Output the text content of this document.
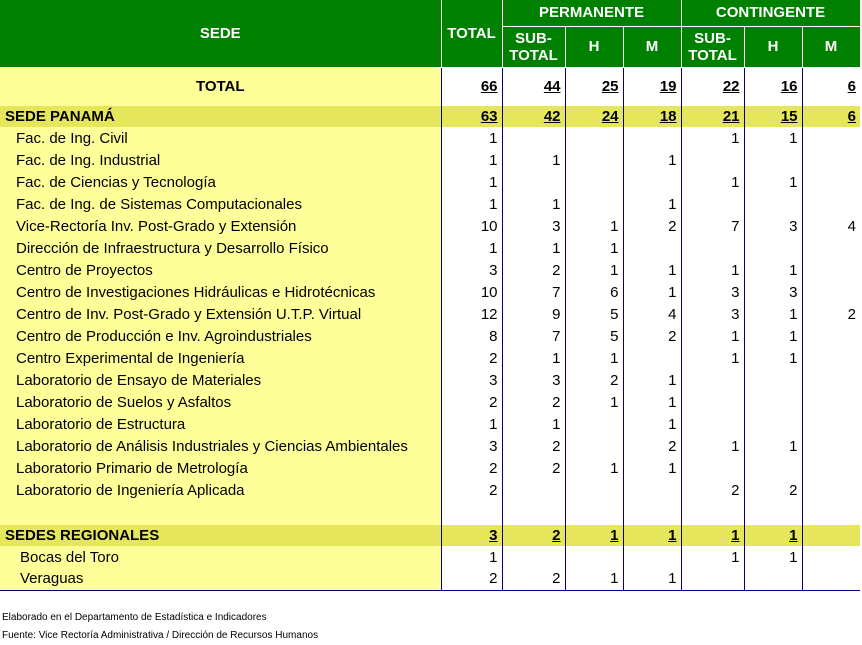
SEDE	TOTAL	PERMANENTE			CONTINGENTE		
		SUB-
TOTAL	H	M	SUB-
TOTAL	H	M
TOTAL	66	44	25	19	22	16	6
SEDE PANAMÁ	63	42	24	18	21	15	6
Fac. de Ing. Civil	1				1	1	
Fac. de Ing. Industrial	1	1		1			
Fac. de Ciencias y Tecnología	1				1	1	
Fac. de Ing. de Sistemas Computacionales	1	1		1			
Vice-Rectoría Inv. Post-Grado y Extensión	10	3	1	2	7	3	4
Dirección de Infraestructura y Desarrollo Físico	1	1	1				
Centro de Proyectos	3	2	1	1	1	1	
Centro de Investigaciones Hidráulicas e Hidrotécnicas	10	7	6	1	3	3	
Centro de Inv. Post-Grado y Extensión U.T.P. Virtual	12	9	5	4	3	1	2
Centro de Producción e Inv. Agroindustriales	8	7	5	2	1	1	
Centro Experimental de Ingeniería	2	1	1		1	1	
Laboratorio de Ensayo de Materiales	3	3	2	1			
Laboratorio de Suelos y Asfaltos	2	2	1	1			
Laboratorio de Estructura	1	1		1			
Laboratorio de Análisis Industriales y Ciencias Ambientales	3	2		2	1	1	
Laboratorio Primario de Metrología	2	2	1	1			
Laboratorio de Ingeniería Aplicada	2				2	2	

SEDES REGIONALES	3	2	1	1	1	1	
Bocas del Toro	1				1	1	
Veraguas	2	2	1	1			
Elaborado en el Departamento de Estadística e Indicadores
Fuente: Vice Rectoría Administrativa / Dirección de Recursos Humanos
